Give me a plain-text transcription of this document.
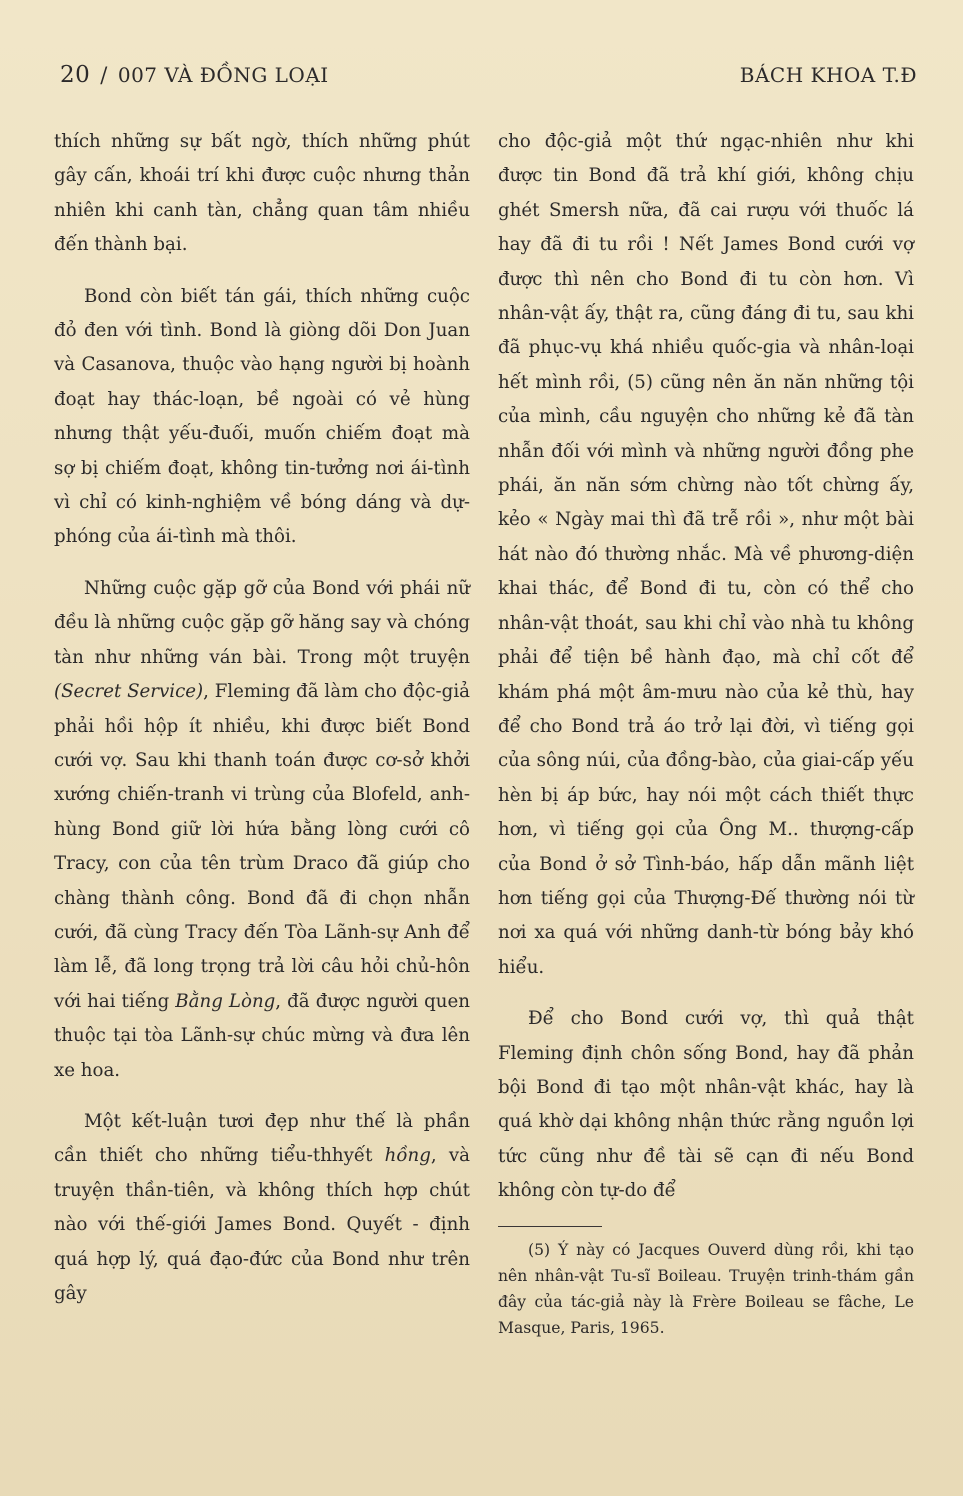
20 / 007 VÀ ĐỒNG LOẠI	BÁCH KHOA T.Đ

thích những sự bất ngờ, thích những phút gây cấn, khoái trí khi được cuộc nhưng thản nhiên khi canh tàn, chẳng quan tâm nhiều đến thành bại.

Bond còn biết tán gái, thích những cuộc đỏ đen với tình. Bond là giòng dõi Don Juan và Casanova, thuộc vào hạng người bị hoành đoạt hay thác-loạn, bề ngoài có vẻ hùng nhưng thật yếu-đuối, muốn chiếm đoạt mà sợ bị chiếm đoạt, không tin-tưởng nơi ái-tình vì chỉ có kinh-nghiệm về bóng dáng và dự-phóng của ái-tình mà thôi.

Những cuộc gặp gỡ của Bond với phái nữ đều là những cuộc gặp gỡ hăng say và chóng tàn như những ván bài. Trong một truyện (Secret Service), Fleming đã làm cho độc-giả phải hồi hộp ít nhiều, khi được biết Bond cưới vợ. Sau khi thanh toán được cơ-sở khởi xướng chiến-tranh vi trùng của Blofeld, anh-hùng Bond giữ lời hứa bằng lòng cưới cô Tracy, con của tên trùm Draco đã giúp cho chàng thành công. Bond đã đi chọn nhẫn cưới, đã cùng Tracy đến Tòa Lãnh-sự Anh để làm lễ, đã long trọng trả lời câu hỏi chủ-hôn với hai tiếng Bằng Lòng, đã được người quen thuộc tại tòa Lãnh-sự chúc mừng và đưa lên xe hoa.

Một kết-luận tươi đẹp như thế là phần cần thiết cho những tiểu-thhyết hồng, và truyện thần-tiên, và không thích hợp chút nào với thế-giới James Bond. Quyết - định quá hợp lý, quá đạo-đức của Bond như trên gây

cho độc-giả một thứ ngạc-nhiên như khi được tin Bond đã trả khí giới, không chịu ghét Smersh nữa, đã cai rượu với thuốc lá hay đã đi tu rồi ! Nết James Bond cưới vợ được thì nên cho Bond đi tu còn hơn. Vì nhân-vật ấy, thật ra, cũng đáng đi tu, sau khi đã phục-vụ khá nhiều quốc-gia và nhân-loại hết mình rồi, (5) cũng nên ăn năn những tội của mình, cầu nguyện cho những kẻ đã tàn nhẫn đối với mình và những người đồng phe phái, ăn năn sớm chừng nào tốt chừng ấy, kẻo « Ngày mai thì đã trễ rồi », như một bài hát nào đó thường nhắc. Mà về phương-diện khai thác, để Bond đi tu, còn có thể cho nhân-vật thoát, sau khi chỉ vào nhà tu không phải để tiện bề hành đạo, mà chỉ cốt để khám phá một âm-mưu nào của kẻ thù, hay để cho Bond trả áo trở lại đời, vì tiếng gọi của sông núi, của đồng-bào, của giai-cấp yếu hèn bị áp bức, hay nói một cách thiết thực hơn, vì tiếng gọi của Ông M.. thượng-cấp của Bond ở sở Tình-báo, hấp dẫn mãnh liệt hơn tiếng gọi của Thượng-Đế thường nói từ nơi xa quá với những danh-từ bóng bảy khó hiểu.

Để cho Bond cưới vợ, thì quả thật Fleming định chôn sống Bond, hay đã phản bội Bond đi tạo một nhân-vật khác, hay là quá khờ dại không nhận thức rằng nguồn lợi tức cũng như đề tài sẽ cạn đi nếu Bond không còn tự-do để

(5) Ý này có Jacques Ouverd dùng rồi, khi tạo nên nhân-vật Tu-sĩ Boileau. Truyện trinh-thám gần đây của tác-giả này là Frère Boileau se fâche, Le Masque, Paris, 1965.
